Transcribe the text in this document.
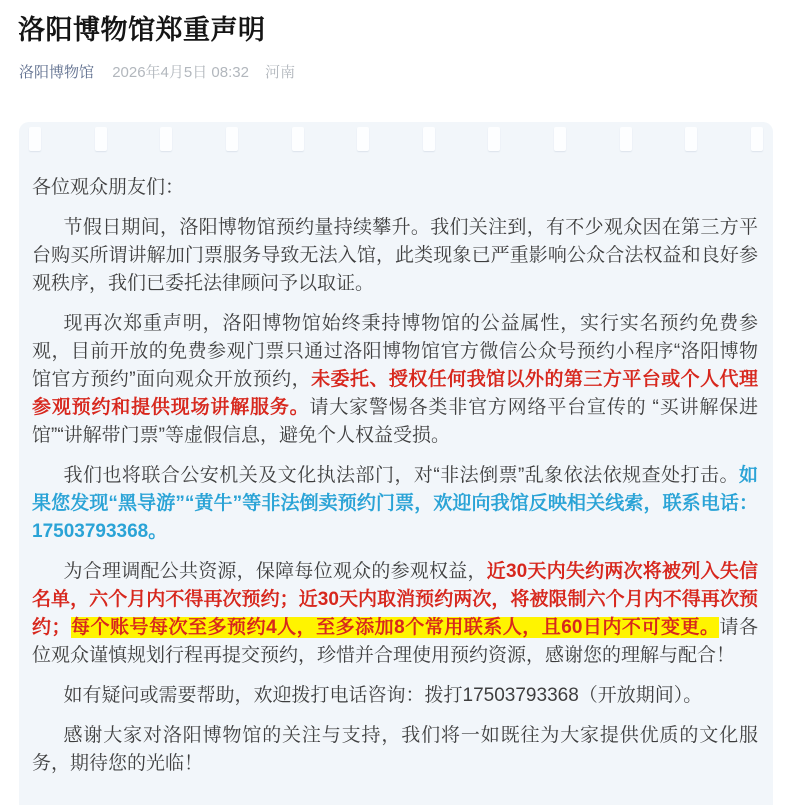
洛阳博物馆郑重声明
洛阳博物馆 2026年4月5日 08:32 河南

各位观众朋友们：

节假日期间，洛阳博物馆预约量持续攀升。我们关注到，有不少观众因在第三方平台购买所谓讲解加门票服务导致无法入馆，此类现象已严重影响公众合法权益和良好参观秩序，我们已委托法律顾问予以取证。

现再次郑重声明，洛阳博物馆始终秉持博物馆的公益属性，实行实名预约免费参观，目前开放的免费参观门票只通过洛阳博物馆官方微信公众号预约小程序“洛阳博物馆官方预约”面向观众开放预约，未委托、授权任何我馆以外的第三方平台或个人代理参观预约和提供现场讲解服务。请大家警惕各类非官方网络平台宣传的 “买讲解保进馆”“讲解带门票”等虚假信息，避免个人权益受损。

我们也将联合公安机关及文化执法部门，对“非法倒票”乱象依法依规查处打击。如果您发现“黑导游”“黄牛”等非法倒卖预约门票，欢迎向我馆反映相关线索，联系电话：17503793368。

为合理调配公共资源，保障每位观众的参观权益，近30天内失约两次将被列入失信名单，六个月内不得再次预约；近30天内取消预约两次，将被限制六个月内不得再次预约；每个账号每次至多预约4人，至多添加8个常用联系人，且60日内不可变更。请各位观众谨慎规划行程再提交预约，珍惜并合理使用预约资源，感谢您的理解与配合！

如有疑问或需要帮助，欢迎拨打电话咨询：拨打17503793368（开放期间）。

感谢大家对洛阳博物馆的关注与支持，我们将一如既往为大家提供优质的文化服务，期待您的光临！
